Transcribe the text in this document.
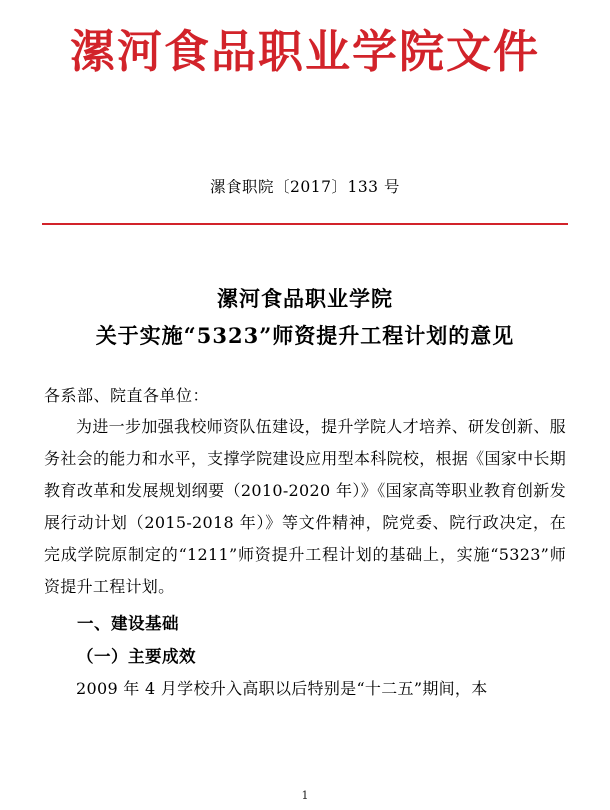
漯河食品职业学院文件
漯食职院〔2017〕133 号
漯河食品职业学院
关于实施“5323”师资提升工程计划的意见
各系部、院直各单位：

为进一步加强我校师资队伍建设，提升学院人才培养、研发创新、服务社会的能力和水平，支撑学院建设应用型本科院校，根据《国家中长期教育改革和发展规划纲要（2010-2020 年）》《国家高等职业教育创新发展行动计划（2015-2018 年）》等文件精神，院党委、院行政决定，在完成学院原制定的“1211”师资提升工程计划的基础上，实施“5323”师资提升工程计划。

一、建设基础

（一）主要成效

2009 年 4 月学校升入高职以后特别是“十二五”期间，本

1
